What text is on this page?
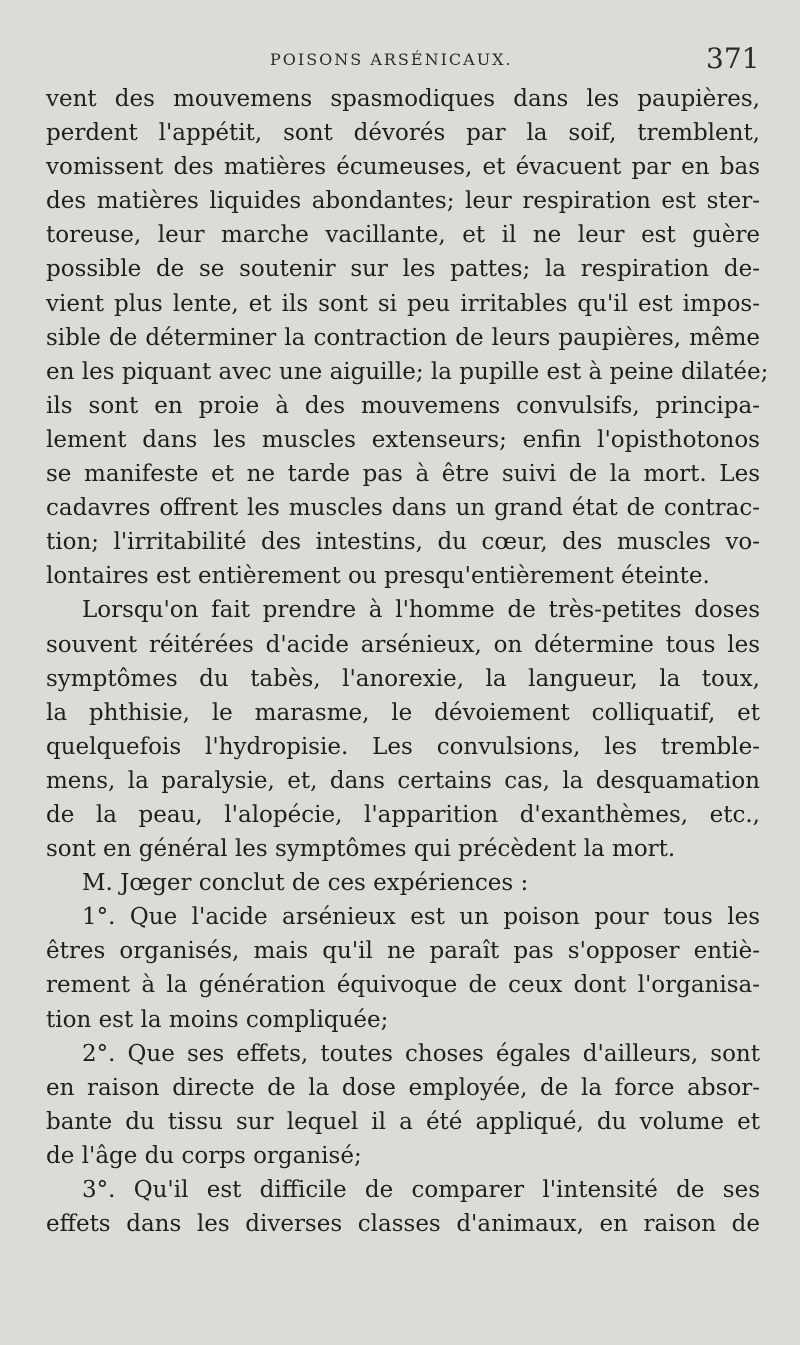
POISONS ARSÉNICAUX.	371
vent des mouvemens spasmodiques dans les paupières,
perdent l'appétit, sont dévorés par la soif, tremblent,
vomissent des matières écumeuses, et évacuent par en bas
des matières liquides abondantes; leur respiration est ster-
toreuse, leur marche vacillante, et il ne leur est guère
possible de se soutenir sur les pattes; la respiration de-
vient plus lente, et ils sont si peu irritables qu'il est impos-
sible de déterminer la contraction de leurs paupières, même
en les piquant avec une aiguille; la pupille est à peine dilatée;
ils sont en proie à des mouvemens convulsifs, principa-
lement dans les muscles extenseurs; enfin l'opisthotonos
se manifeste et ne tarde pas à être suivi de la mort. Les
cadavres offrent les muscles dans un grand état de contrac-
tion; l'irritabilité des intestins, du cœur, des muscles vo-
lontaires est entièrement ou presqu'entièrement éteinte.
Lorsqu'on fait prendre à l'homme de très-petites doses
souvent réitérées d'acide arsénieux, on détermine tous les
symptômes du tabès, l'anorexie, la langueur, la toux,
la phthisie, le marasme, le dévoiement colliquatif, et
quelquefois l'hydropisie. Les convulsions, les tremble-
mens, la paralysie, et, dans certains cas, la desquamation
de la peau, l'alopécie, l'apparition d'exanthèmes, etc.,
sont en général les symptômes qui précèdent la mort.
M. Jœger conclut de ces expériences :
1°. Que l'acide arsénieux est un poison pour tous les
êtres organisés, mais qu'il ne paraît pas s'opposer entiè-
rement à la génération équivoque de ceux dont l'organisa-
tion est la moins compliquée;
2°. Que ses effets, toutes choses égales d'ailleurs, sont
en raison directe de la dose employée, de la force absor-
bante du tissu sur lequel il a été appliqué, du volume et
de l'âge du corps organisé;
3°. Qu'il est difficile de comparer l'intensité de ses
effets dans les diverses classes d'animaux, en raison de
